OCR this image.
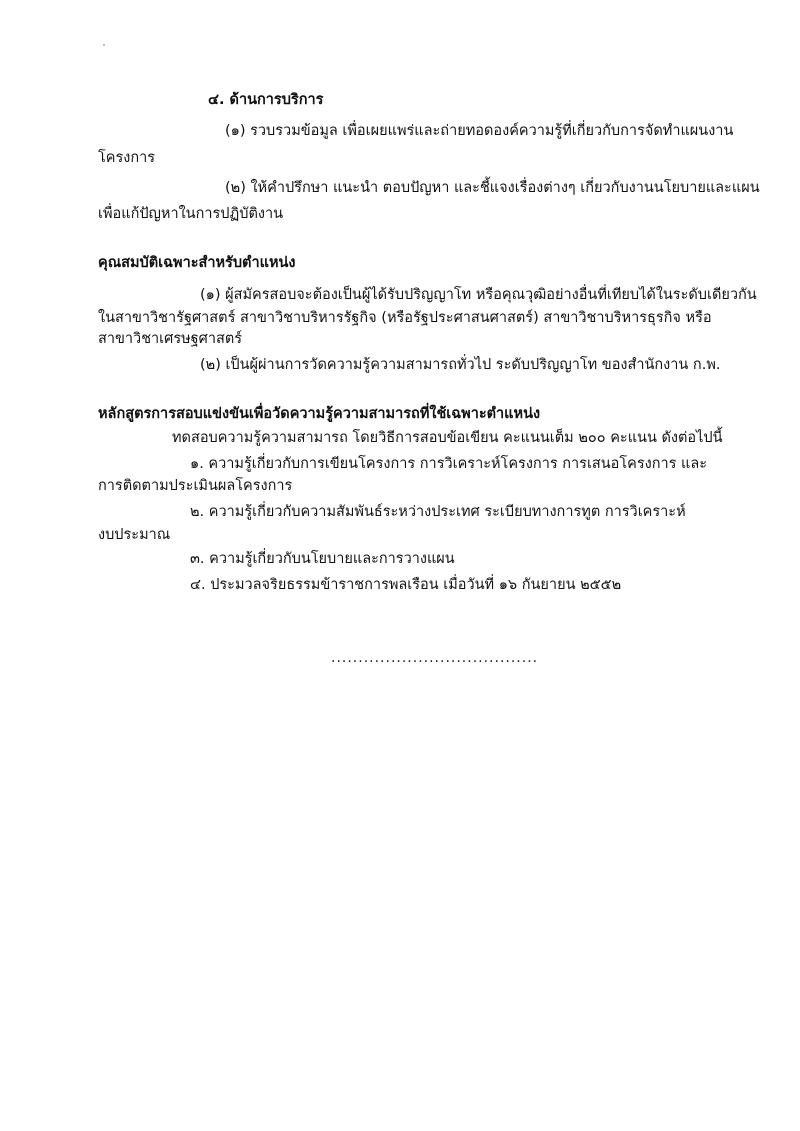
๔. ด้านการบริการ
(๑) รวบรวมข้อมูล เพื่อเผยแพร่และถ่ายทอดองค์ความรู้ที่เกี่ยวกับการจัดทำแผนงาน
โครงการ
(๒) ให้คำปรึกษา แนะนำ ตอบปัญหา และชี้แจงเรื่องต่างๆ เกี่ยวกับงานนโยบายและแผน
เพื่อแก้ปัญหาในการปฏิบัติงาน
คุณสมบัติเฉพาะสำหรับตำแหน่ง
(๑) ผู้สมัครสอบจะต้องเป็นผู้ได้รับปริญญาโท หรือคุณวุฒิอย่างอื่นที่เทียบได้ในระดับเดียวกัน
ในสาขาวิชารัฐศาสตร์ สาขาวิชาบริหารรัฐกิจ (หรือรัฐประศาสนศาสตร์) สาขาวิชาบริหารธุรกิจ หรือ
สาขาวิชาเศรษฐศาสตร์
(๒) เป็นผู้ผ่านการวัดความรู้ความสามารถทั่วไป ระดับปริญญาโท ของสำนักงาน ก.พ.
หลักสูตรการสอบแข่งขันเพื่อวัดความรู้ความสามารถที่ใช้เฉพาะตำแหน่ง
ทดสอบความรู้ความสามารถ โดยวิธีการสอบข้อเขียน คะแนนเต็ม ๒๐๐ คะแนน ดังต่อไปนี้
๑. ความรู้เกี่ยวกับการเขียนโครงการ การวิเคราะห์โครงการ การเสนอโครงการ และ
การติดตามประเมินผลโครงการ
๒. ความรู้เกี่ยวกับความสัมพันธ์ระหว่างประเทศ ระเบียบทางการทูต การวิเคราะห์
งบประมาณ
๓. ความรู้เกี่ยวกับนโยบายและการวางแผน
๔. ประมวลจริยธรรมข้าราชการพลเรือน เมื่อวันที่ ๑๖ กันยายน ๒๕๕๒
......................................
